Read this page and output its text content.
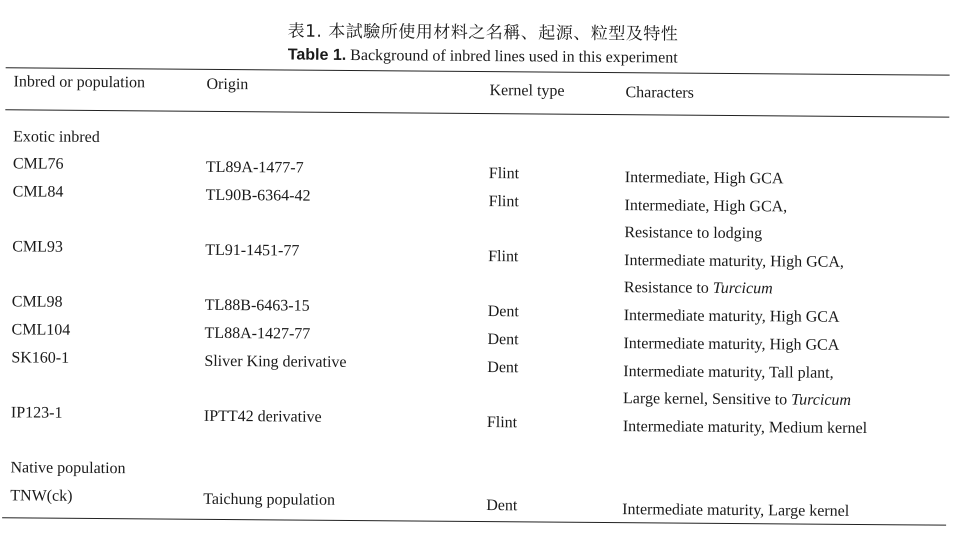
表1. 本試驗所使用材料之名稱、起源、粒型及特性
Table 1. Background of inbred lines used in this experiment
Inbred or population	Origin	Kernel type	Characters
Exotic inbred
CML76	TL89A-1477-7	Flint	Intermediate, High GCA
CML84	TL90B-6364-42	Flint	Intermediate, High GCA,
Resistance to lodging
CML93	TL91-1451-77	Flint	Intermediate maturity, High GCA,
Resistance to Turcicum
CML98	TL88B-6463-15	Dent	Intermediate maturity, High GCA
CML104	TL88A-1427-77	Dent	Intermediate maturity, High GCA
SK160-1	Sliver King derivative	Dent	Intermediate maturity, Tall plant,
Large kernel, Sensitive to Turcicum
IP123-1	IPTT42 derivative	Flint	Intermediate maturity, Medium kernel
Native population
TNW(ck)	Taichung population	Dent	Intermediate maturity, Large kernel
